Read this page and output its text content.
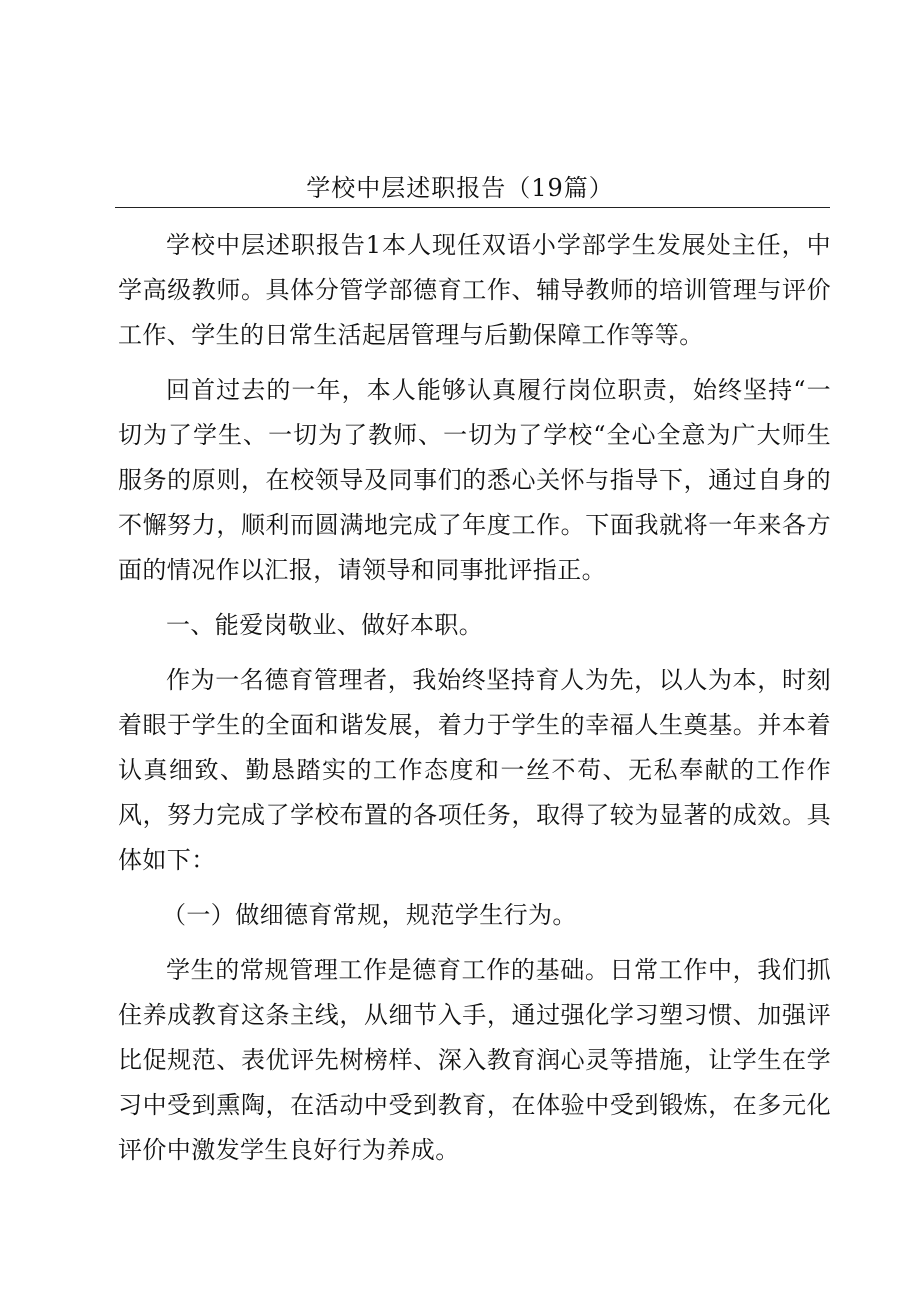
学校中层述职报告（19篇）

学校中层述职报告1本人现任双语小学部学生发展处主任，中学高级教师。具体分管学部德育工作、辅导教师的培训管理与评价工作、学生的日常生活起居管理与后勤保障工作等等。

回首过去的一年，本人能够认真履行岗位职责，始终坚持“一切为了学生、一切为了教师、一切为了学校“全心全意为广大师生服务的原则，在校领导及同事们的悉心关怀与指导下，通过自身的不懈努力，顺利而圆满地完成了年度工作。下面我就将一年来各方面的情况作以汇报，请领导和同事批评指正。

一、能爱岗敬业、做好本职。

作为一名德育管理者，我始终坚持育人为先，以人为本，时刻着眼于学生的全面和谐发展，着力于学生的幸福人生奠基。并本着认真细致、勤恳踏实的工作态度和一丝不苟、无私奉献的工作作风，努力完成了学校布置的各项任务，取得了较为显著的成效。具体如下：

（一）做细德育常规，规范学生行为。

学生的常规管理工作是德育工作的基础。日常工作中，我们抓住养成教育这条主线，从细节入手，通过强化学习塑习惯、加强评比促规范、表优评先树榜样、深入教育润心灵等措施，让学生在学习中受到熏陶，在活动中受到教育，在体验中受到锻炼，在多元化评价中激发学生良好行为养成。
